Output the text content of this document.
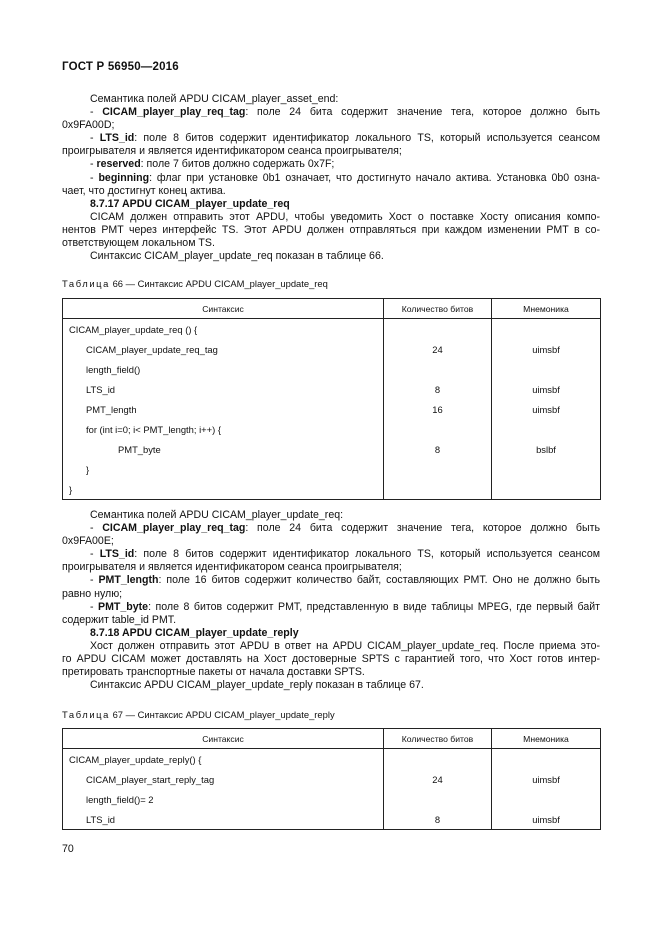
ГОСТ Р 56950—2016

Семантика полей APDU CICAM_player_asset_end:

- CICAM_player_play_req_tag: поле 24 бита содержит значение тега, которое должно быть

0x9FA00D;

- LTS_id: поле 8 битов содержит идентификатор локального TS, который используется сеансом

проигрывателя и является идентификатором сеанса проигрывателя;

- reserved: поле 7 битов должно содержать 0x7F;

- beginning: флаг при установке 0b1 означает, что достигнуто начало актива. Установка 0b0 озна-

чает, что достигнут конец актива.

8.7.17 APDU CICAM_player_update_req

CICAM должен отправить этот APDU, чтобы уведомить Хост о поставке Хосту описания компо-

нентов PMT через интерфейс TS. Этот APDU должен отправляться при каждом изменении PMT в со-

ответствующем локальном TS.

Синтаксис CICAM_player_update_req показан в таблице 66.

Таблица 66 — Синтаксис APDU CICAM_player_update_req
Синтаксис	Количество битов	Мнемоника
CICAM_player_update_req () {		
CICAM_player_update_req_tag	24	uimsbf
length_field()		
LTS_id	8	uimsbf
PMT_length	16	uimsbf
for (int i=0; i< PMT_length; i++) {		
PMT_byte	8	bslbf
}		
}		

Семантика полей APDU CICAM_player_update_req:

- CICAM_player_play_req_tag: поле 24 бита содержит значение тега, которое должно быть

0x9FA00E;

- LTS_id: поле 8 битов содержит идентификатор локального TS, который используется сеансом

проигрывателя и является идентификатором сеанса проигрывателя;

- PMT_length: поле 16 битов содержит количество байт, составляющих PMT. Оно не должно быть

равно нулю;

- PMT_byte: поле 8 битов содержит PMT, представленную в виде таблицы MPEG, где первый байт

содержит table_id PMT.

8.7.18 APDU CICAM_player_update_reply

Хост должен отправить этот APDU в ответ на APDU CICAM_player_update_req. После приема это-

го APDU CICAM может доставлять на Хост достоверные SPTS с гарантией того, что Хост готов интер-

претировать транспортные пакеты от начала доставки SPTS.

Синтаксис APDU CICAM_player_update_reply показан в таблице 67.

Таблица 67 — Синтаксис APDU CICAM_player_update_reply
Синтаксис	Количество битов	Мнемоника
CICAM_player_update_reply() {		
CICAM_player_start_reply_tag	24	uimsbf
length_field()= 2		
LTS_id	8	uimsbf
70
